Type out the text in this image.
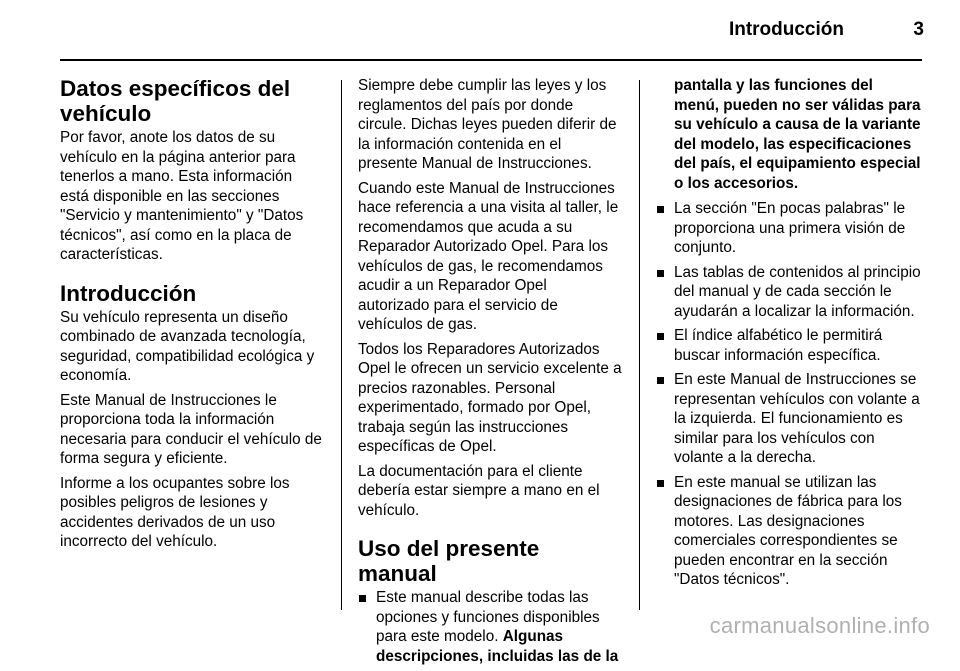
Introducción	3
Datos específicos del vehículo

Por favor, anote los datos de su vehículo en la página anterior para tenerlos a mano. Esta información está disponible en las secciones "Servicio y mantenimiento" y "Datos técnicos", así como en la placa de características.

Introducción

Su vehículo representa un diseño combinado de avanzada tecnología, seguridad, compatibilidad ecológica y economía.

Este Manual de Instrucciones le proporciona toda la información necesaria para conducir el vehículo de forma segura y eficiente.

Informe a los ocupantes sobre los posibles peligros de lesiones y accidentes derivados de un uso incorrecto del vehículo.

Siempre debe cumplir las leyes y los reglamentos del país por donde circule. Dichas leyes pueden diferir de la información contenida en el presente Manual de Instrucciones.

Cuando este Manual de Instrucciones hace referencia a una visita al taller, le recomendamos que acuda a su Reparador Autorizado Opel. Para los vehículos de gas, le recomendamos acudir a un Reparador Opel autorizado para el servicio de vehículos de gas.

Todos los Reparadores Autorizados Opel le ofrecen un servicio excelente a precios razonables. Personal experimentado, formado por Opel, trabaja según las instrucciones específicas de Opel.

La documentación para el cliente debería estar siempre a mano en el vehículo.

Uso del presente manual
Este manual describe todas las opciones y funciones disponibles para este modelo. Algunas descripciones, incluidas las de la

pantalla y las funciones del menú, pueden no ser válidas para su vehículo a causa de la variante del modelo, las especificaciones del país, el equipamiento especial o los accesorios.

La sección "En pocas palabras" le proporciona una primera visión de conjunto.
Las tablas de contenidos al principio del manual y de cada sección le ayudarán a localizar la información.
El índice alfabético le permitirá buscar información específica.
En este Manual de Instrucciones se representan vehículos con volante a la izquierda. El funcionamiento es similar para los vehículos con volante a la derecha.
En este manual se utilizan las designaciones de fábrica para los motores. Las designaciones comerciales correspondientes se pueden encontrar en la sección "Datos técnicos".
carmanualsonline.info
